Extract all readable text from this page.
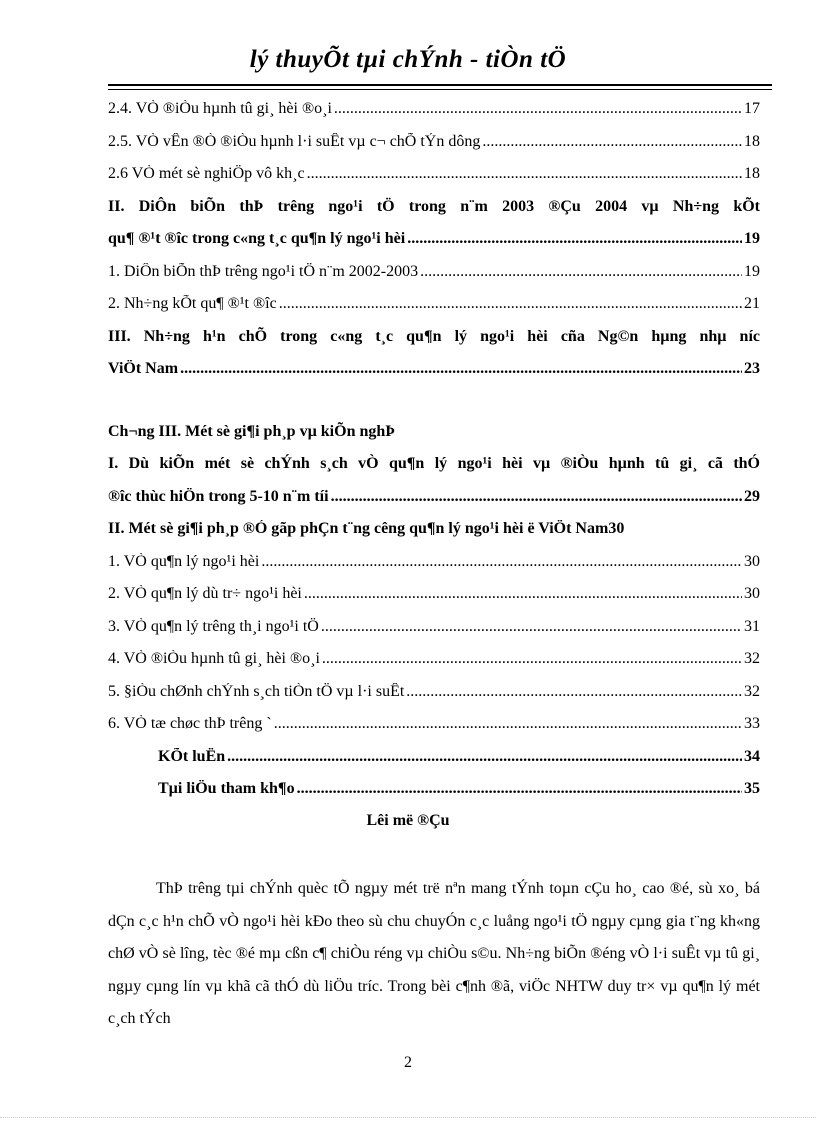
lý thuyÕt tµi chÝnh - tiÒn tÖ
2.4. VÒ ®iÒu hµnh tû gi¸ hèi ®o¸i .....	17
2.5. VÒ vÊn ®Ò ®iÒu hµnh l·i suÊt vµ c¬ chÕ tÝn dông .....	18
2.6 VÒ mét sè nghiÖp vô kh¸c .....	18
II. DiÔn biÕn thÞ trêng ngo¹i tÖ trong n¨m 2003 ®Çu 2004 vµ Nh÷ng kÕt
qu¶ ®¹t ®îc trong c«ng t¸c qu¶n lý ngo¹i hèi .....	19
1. DiÔn biÕn thÞ trêng ngo¹i tÖ n¨m 2002-2003 .....	19
2. Nh÷ng kÕt qu¶ ®¹t ®îc .....	21
III. Nh÷ng h¹n chÕ trong c«ng t¸c qu¶n lý ngo¹i hèi cña Ng©n hµng nhµ níc
ViÖt Nam .....	23
Ch¬ng III. Mét sè gi¶i ph¸p vµ kiÕn nghÞ
I. Dù kiÕn mét sè chÝnh s¸ch vÒ qu¶n lý ngo¹i hèi vµ ®iÒu hµnh tû gi¸ cã thÓ
®îc thùc hiÖn trong 5-10 n¨m tíi .....	29
II. Mét sè gi¶i ph¸p ®Ó gãp phÇn t¨ng cêng qu¶n lý ngo¹i hèi ë ViÖt Nam 30
1. VÒ qu¶n lý ngo¹i hèi .....	30
2. VÒ qu¶n lý dù tr÷ ngo¹i hèi .....	30
3. VÒ qu¶n lý trêng th¸i ngo¹i tÖ .....	31
4. VÒ ®iÒu hµnh tû gi¸ hèi ®o¸i .....	32
5. §iÒu chØnh chÝnh s¸ch tiÒn tÖ vµ l·i suÊt .....	32
6. VÒ tæ chøc thÞ trêng ` .....	33
KÕt luËn .....	34
Tµi liÖu tham kh¶o .....	35
Lêi më ®Çu

ThÞ trêng tµi chÝnh quèc tÕ ngµy mét trë nªn mang tÝnh toµn cÇu ho¸ cao ®é, sù xo¸ bá dÇn c¸c h¹n chÕ vÒ ngo¹i hèi kÐo theo sù chu chuyÓn c¸c luång ngo¹i tÖ ngµy cµng gia t¨ng kh«ng chØ vÒ sè lîng, tèc ®é mµ cßn c¶ chiÒu réng vµ chiÒu s©u. Nh÷ng biÕn ®éng vÒ l·i suÊt vµ tû gi¸ ngµy cµng lín vµ khã cã thÓ dù liÖu tríc. Trong bèi c¶nh ®ã, viÖc NHTW duy tr× vµ qu¶n lý mét c¸ch tÝch

2
